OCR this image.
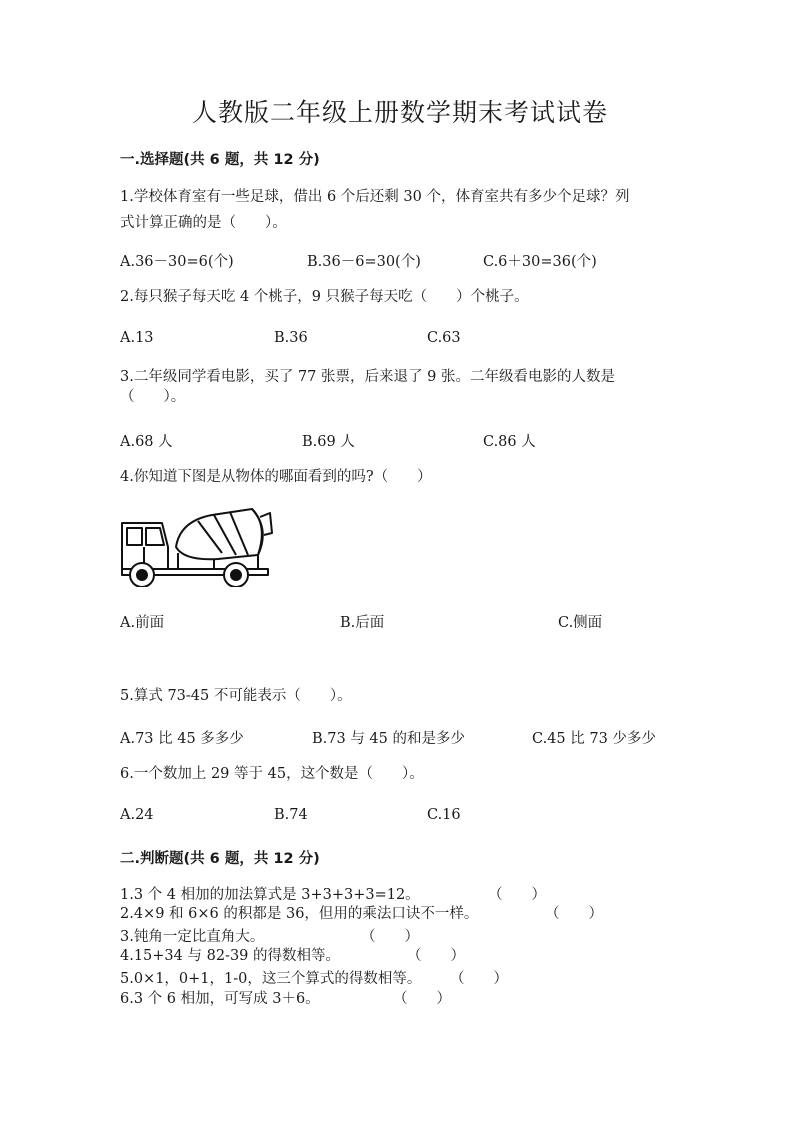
人教版二年级上册数学期末考试试卷
一.选择题(共 6 题，共 12 分)
1.学校体育室有一些足球，借出 6 个后还剩 30 个，体育室共有多少个足球？列
式计算正确的是（　　）。
A.36－30=6(个)	B.36－6=30(个)	C.6＋30=36(个)
2.每只猴子每天吃 4 个桃子，9 只猴子每天吃（　　）个桃子。
A.13	B.36	C.63
3.二年级同学看电影，买了 77 张票，后来退了 9 张。二年级看电影的人数是
（　　）。
A.68 人	B.69 人	C.86 人
4.你知道下图是从物体的哪面看到的吗?（　　）
A.前面	B.后面	C.侧面
5.算式 73-45 不可能表示（　　）。
A.73 比 45 多多少	B.73 与 45 的和是多少	C.45 比 73 少多少
6.一个数加上 29 等于 45，这个数是（　　）。
A.24	B.74	C.16
二.判断题(共 6 题，共 12 分)
1.3 个 4 相加的加法算式是 3+3+3+3=12。	（　　）
2.4×9 和 6×6 的积都是 36，但用的乘法口诀不一样。	（　　）
3.钝角一定比直角大。	（　　）
4.15+34 与 82-39 的得数相等。	（　　）
5.0×1，0+1，1-0，这三个算式的得数相等。 （　　）
6.3 个 6 相加，可写成 3＋6。	（　　）
